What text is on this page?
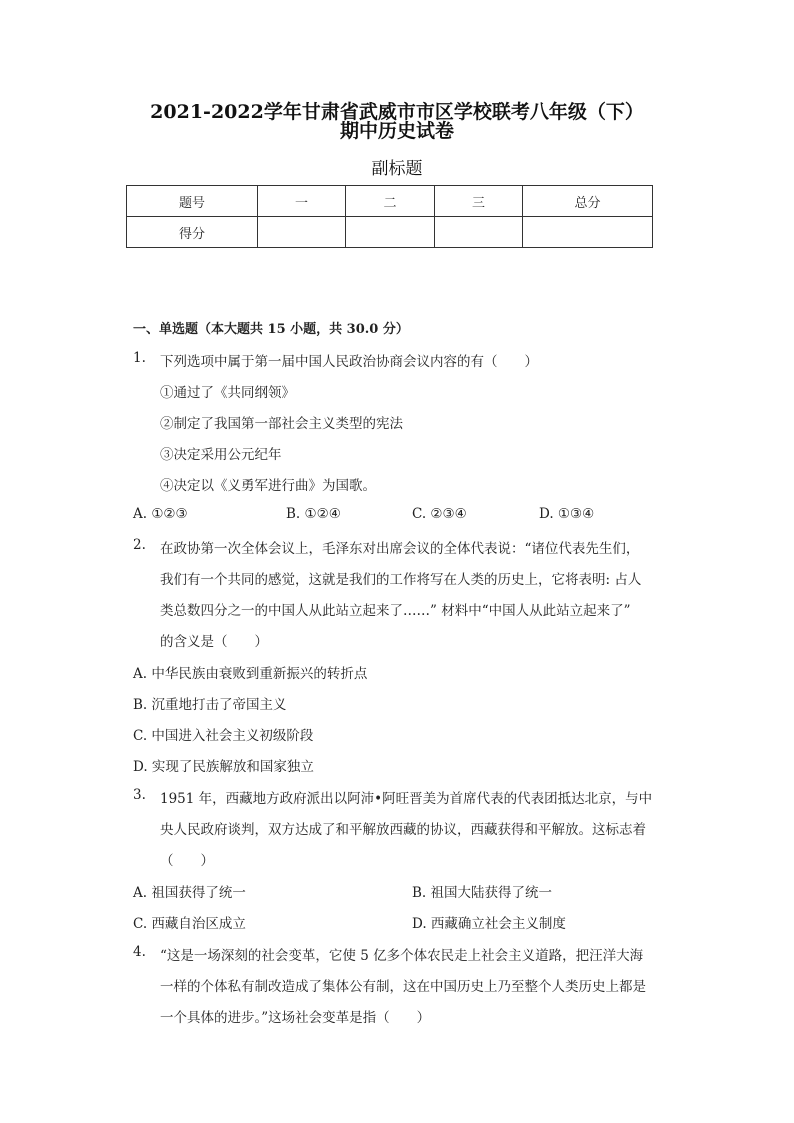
2021-2022学年甘肃省武威市市区学校联考八年级（下）
期中历史试卷
副标题
题号	一	二	三	总分
得分				
一、单选题（本大题共 15 小题，共 30.0 分）
1. 下列选项中属于第一届中国人民政治协商会议内容的有（　　）
①通过了《共同纲领》
②制定了我国第一部社会主义类型的宪法
③决定采用公元纪年
④决定以《义勇军进行曲》为国歌。
A. ①②③	B. ①②④	C. ②③④	D. ①③④
2. 在政协第一次全体会议上，毛泽东对出席会议的全体代表说：“诸位代表先生们，
我们有一个共同的感觉，这就是我们的工作将写在人类的历史上，它将表明: 占人
类总数四分之一的中国人从此站立起来了……” 材料中“中国人从此站立起来了”
的含义是（　　）
A. 中华民族由衰败到重新振兴的转折点
B. 沉重地打击了帝国主义
C. 中国进入社会主义初级阶段
D. 实现了民族解放和国家独立
3. 1951 年，西藏地方政府派出以阿沛•阿旺晋美为首席代表的代表团抵达北京，与中
央人民政府谈判，双方达成了和平解放西藏的协议，西藏获得和平解放。这标志着
（　　）
A. 祖国获得了统一	B. 祖国大陆获得了统一
C. 西藏自治区成立	D. 西藏确立社会主义制度
4. “这是一场深刻的社会变革，它使 5 亿多个体农民走上社会主义道路，把汪洋大海
一样的个体私有制改造成了集体公有制，这在中国历史上乃至整个人类历史上都是
一个具体的进步。”这场社会变革是指（　　）
